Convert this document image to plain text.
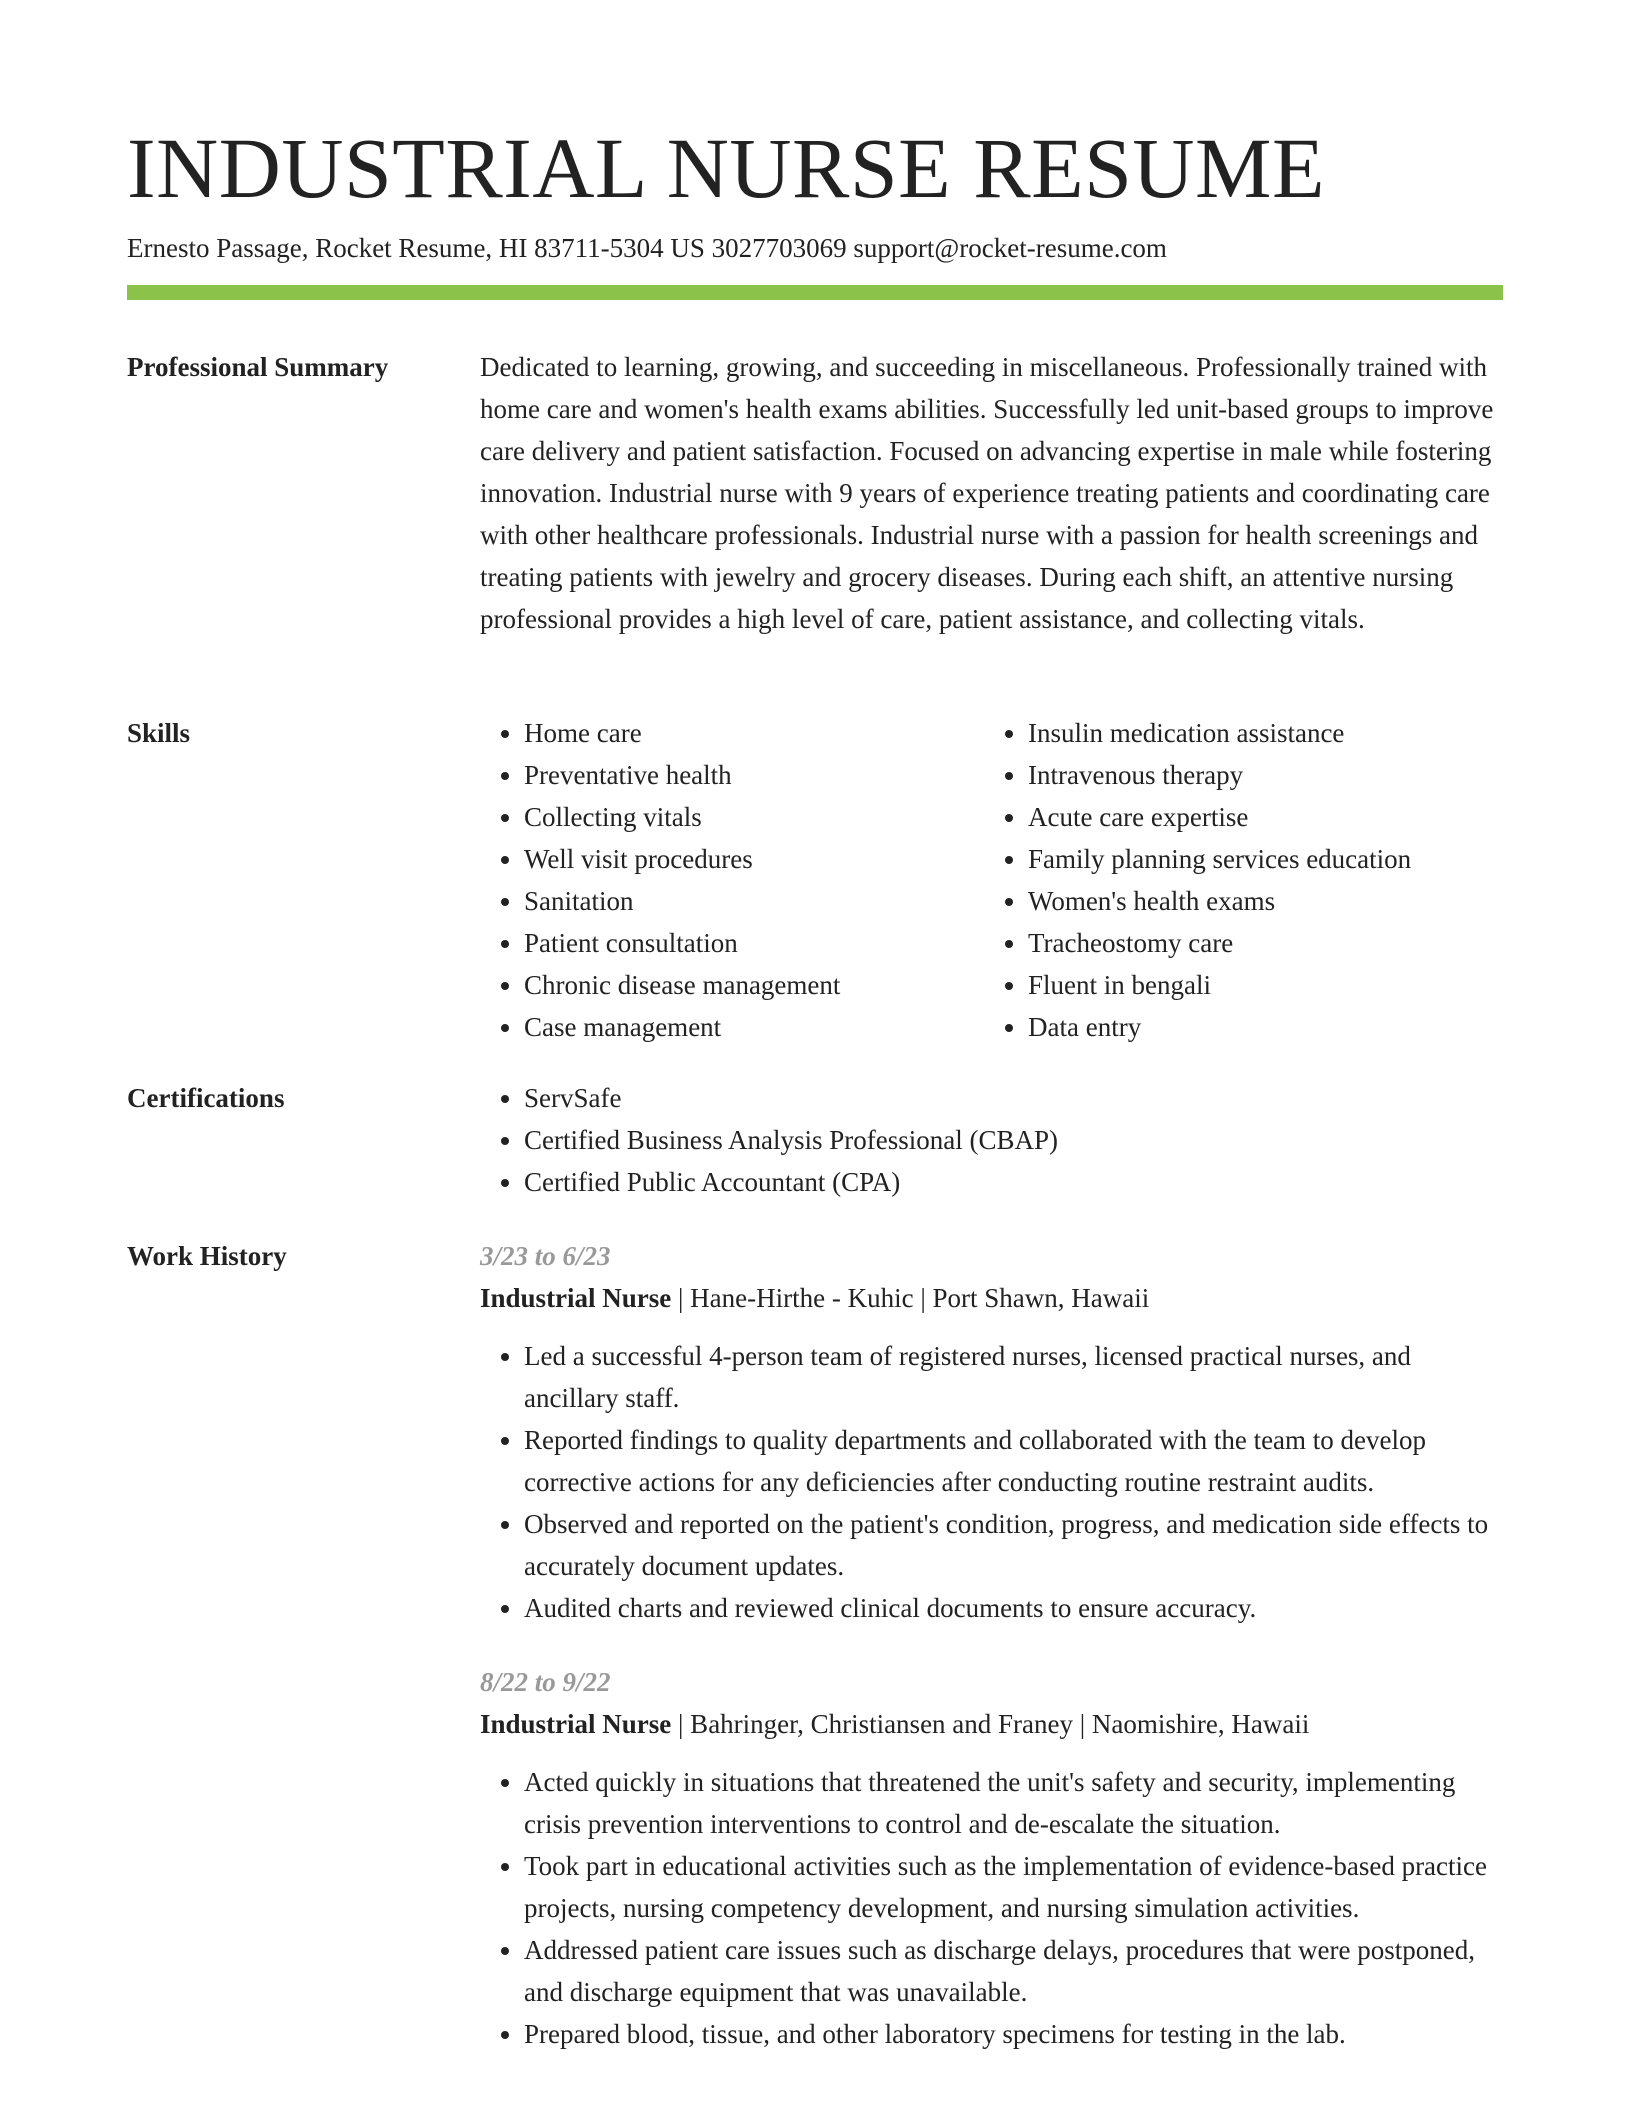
INDUSTRIAL NURSE RESUME
Ernesto Passage, Rocket Resume, HI 83711-5304 US 3027703069 support@rocket-resume.com
Professional Summary	Dedicated to learning, growing, and succeeding in miscellaneous. Professionally trained with home care and women's health exams abilities. Successfully led unit-based groups to improve care delivery and patient satisfaction. Focused on advancing expertise in male while fostering innovation. Industrial nurse with 9 years of experience treating patients and coordinating care with other healthcare professionals. Industrial nurse with a passion for health screenings and treating patients with jewelry and grocery diseases. During each shift, an attentive nursing professional provides a high level of care, patient assistance, and collecting vitals.

Skills	• Home care
• Preventative health
• Collecting vitals
• Well visit procedures
• Sanitation
• Patient consultation
• Chronic disease management
• Case management
• Insulin medication assistance
• Intravenous therapy
• Acute care expertise
• Family planning services education
• Women's health exams
• Tracheostomy care
• Fluent in bengali
• Data entry
Certifications	• ServSafe
• Certified Business Analysis Professional (CBAP)
• Certified Public Accountant (CPA)
Work History	3/23 to 6/23
Industrial Nurse | Hane-Hirthe - Kuhic | Port Shawn, Hawaii
• Led a successful 4-person team of registered nurses, licensed practical nurses, and ancillary staff.
• Reported findings to quality departments and collaborated with the team to develop corrective actions for any deficiencies after conducting routine restraint audits.
• Observed and reported on the patient's condition, progress, and medication side effects to accurately document updates.
• Audited charts and reviewed clinical documents to ensure accuracy.
8/22 to 9/22
Industrial Nurse | Bahringer, Christiansen and Franey | Naomishire, Hawaii
• Acted quickly in situations that threatened the unit's safety and security, implementing crisis prevention interventions to control and de-escalate the situation.
• Took part in educational activities such as the implementation of evidence-based practice projects, nursing competency development, and nursing simulation activities.
• Addressed patient care issues such as discharge delays, procedures that were postponed, and discharge equipment that was unavailable.
• Prepared blood, tissue, and other laboratory specimens for testing in the lab.
